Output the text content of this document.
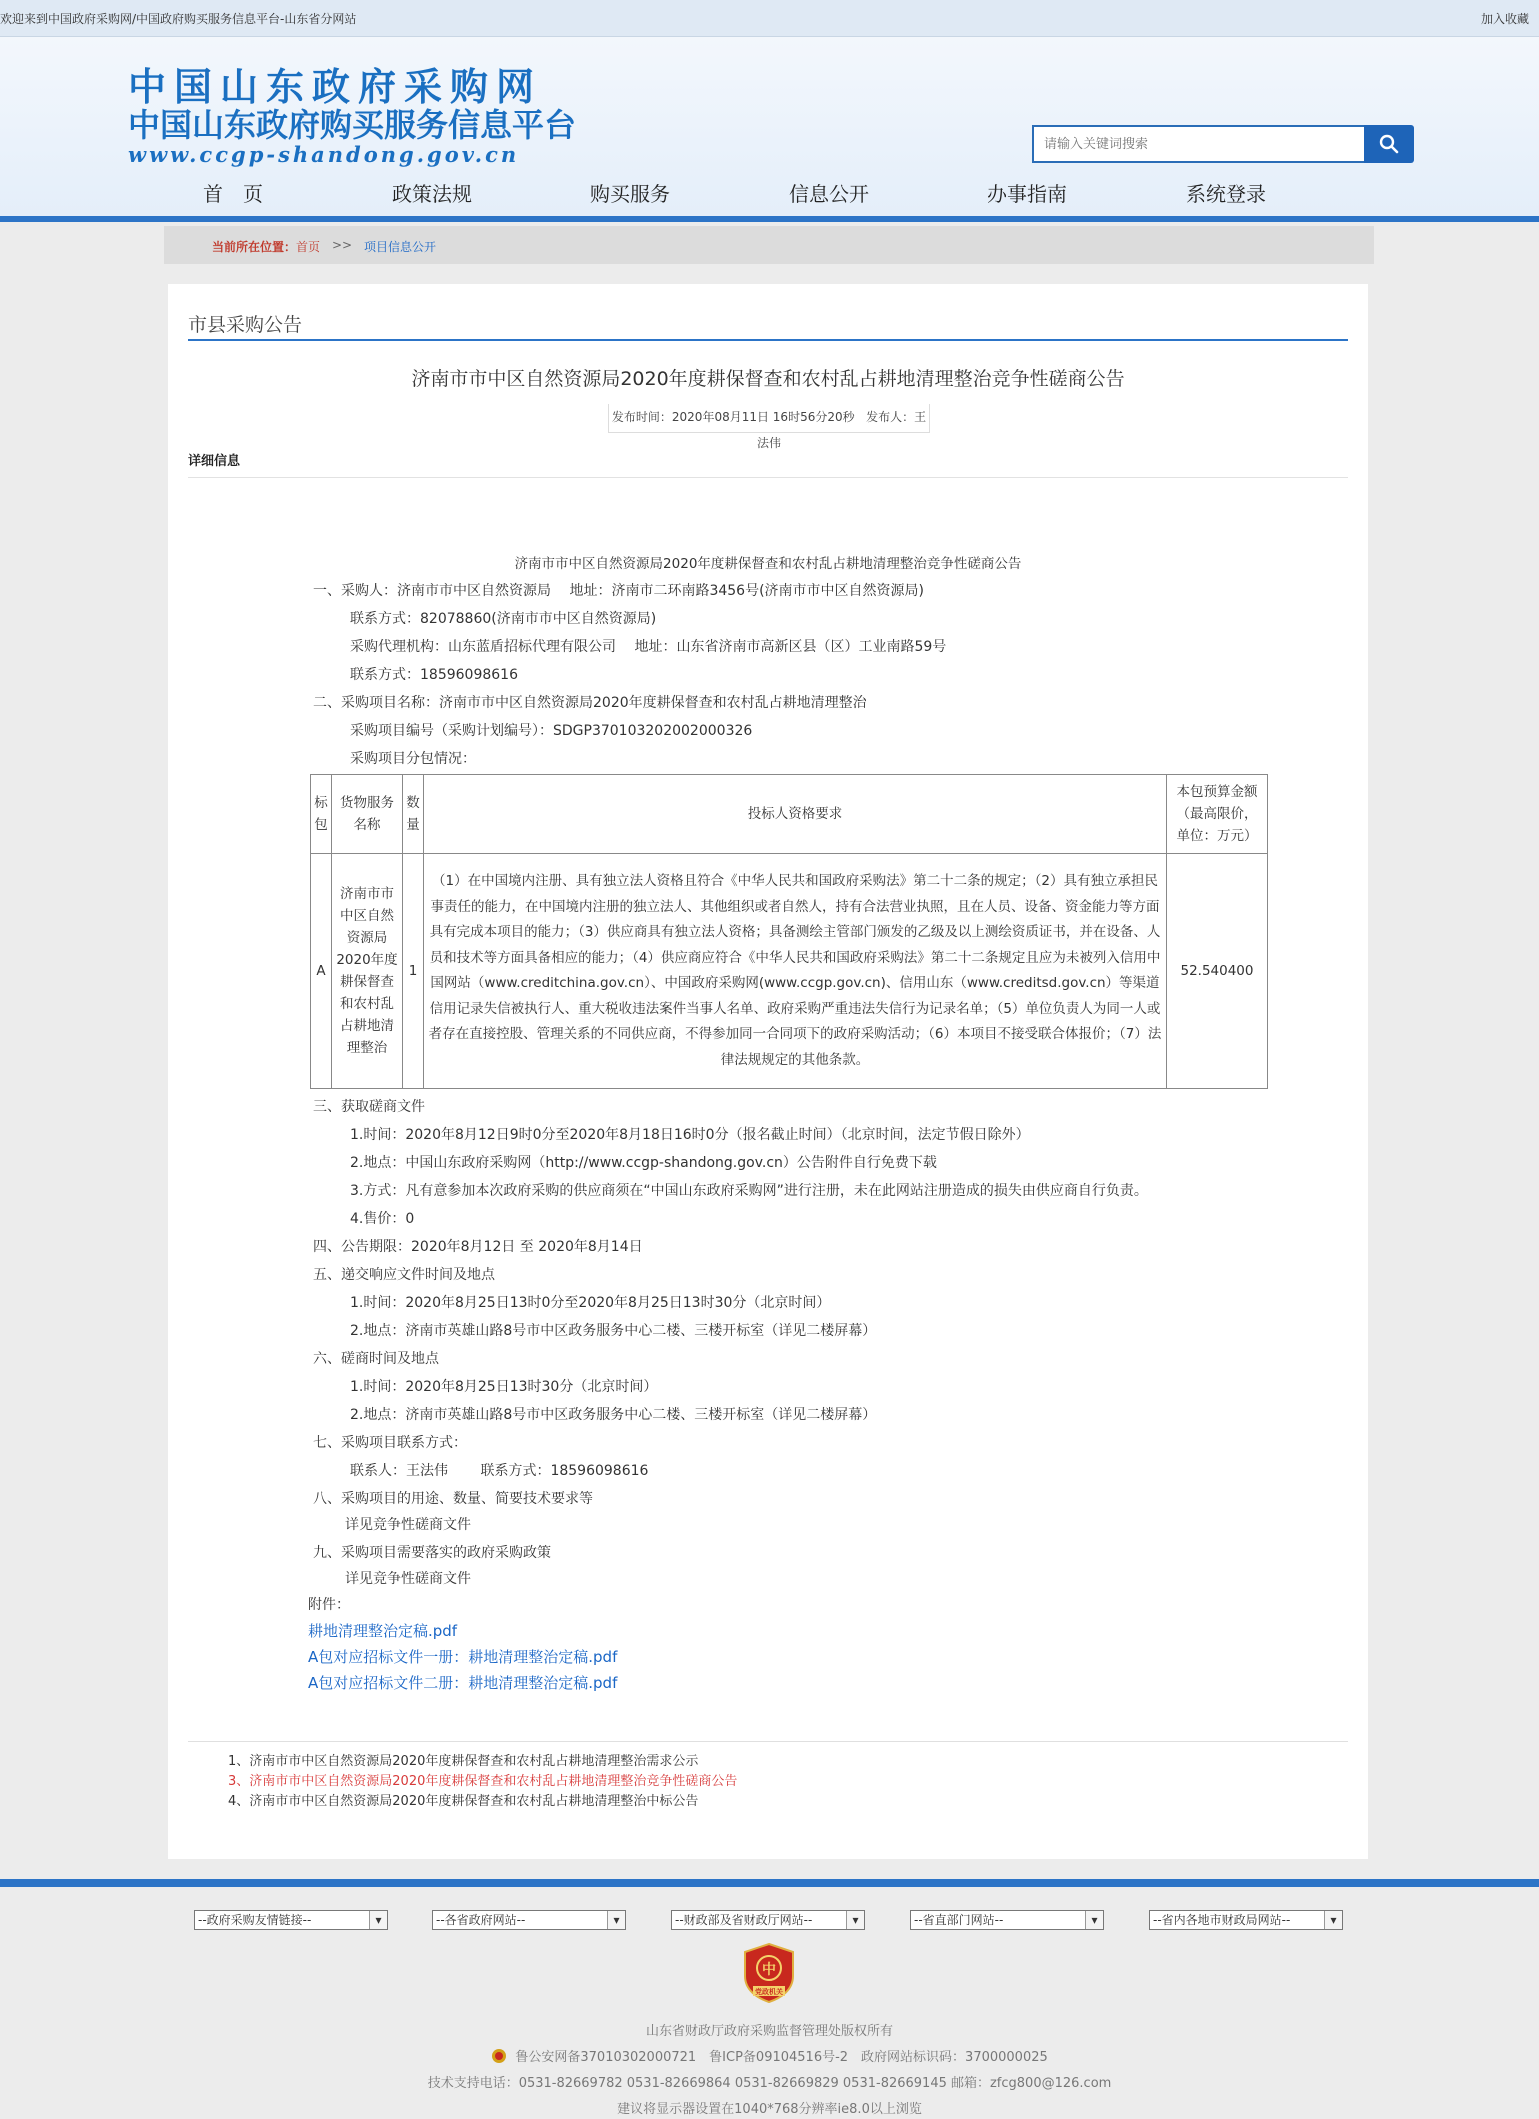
欢迎来到中国政府采购网/中国政府购买服务信息平台-山东省分网站	加入收藏
中国山东政府采购网
中国山东政府购买服务信息平台
www.ccgp-shandong.gov.cn
请输入关键词搜索
首　页	政策法规	购买服务	信息公开	办事指南	系统登录
当前所在位置： 首页 >> 项目信息公开
市县采购公告
济南市市中区自然资源局2020年度耕保督查和农村乱占耕地清理整治竞争性磋商公告
发布时间：2020年08月11日 16时56分20秒 发布人：王法伟
详细信息
济南市市中区自然资源局2020年度耕保督查和农村乱占耕地清理整治竞争性磋商公告
一、采购人：济南市市中区自然资源局　 地址：济南市二环南路3456号(济南市市中区自然资源局)
联系方式：82078860(济南市市中区自然资源局)
采购代理机构：山东蓝盾招标代理有限公司　 地址：山东省济南市高新区县（区）工业南路59号
联系方式：18596098616
二、采购项目名称：济南市市中区自然资源局2020年度耕保督查和农村乱占耕地清理整治
采购项目编号（采购计划编号）：SDGP370103202002000326
采购项目分包情况：
标包	货物服务名称	数量	投标人资格要求	本包预算金额（最高限价，单位：万元）
A	济南市市中区自然资源局2020年度耕保督查和农村乱占耕地清理整治	1	（1）在中国境内注册、具有独立法人资格且符合《中华人民共和国政府采购法》第二十二条的规定；（2）具有独立承担民事责任的能力，在中国境内注册的独立法人、其他组织或者自然人，持有合法营业执照，且在人员、设备、资金能力等方面具有完成本项目的能力；（3）供应商具有独立法人资格；具备测绘主管部门颁发的乙级及以上测绘资质证书，并在设备、人员和技术等方面具备相应的能力；（4）供应商应符合《中华人民共和国政府采购法》第二十二条规定且应为未被列入信用中国网站（www.creditchina.gov.cn）、中国政府采购网(www.ccgp.gov.cn)、信用山东（www.creditsd.gov.cn）等渠道信用记录失信被执行人、重大税收违法案件当事人名单、政府采购严重违法失信行为记录名单；（5）单位负责人为同一人或者存在直接控股、管理关系的不同供应商，不得参加同一合同项下的政府采购活动；（6）本项目不接受联合体报价；（7）法律法规规定的其他条款。	52.540400
三、获取磋商文件
1.时间：2020年8月12日9时0分至2020年8月18日16时0分（报名截止时间）（北京时间，法定节假日除外）
2.地点：中国山东政府采购网（http://www.ccgp-shandong.gov.cn）公告附件自行免费下载
3.方式：凡有意参加本次政府采购的供应商须在“中国山东政府采购网”进行注册，未在此网站注册造成的损失由供应商自行负责。
4.售价：0
四、公告期限：2020年8月12日 至 2020年8月14日
五、递交响应文件时间及地点
1.时间：2020年8月25日13时0分至2020年8月25日13时30分（北京时间）
2.地点：济南市英雄山路8号市中区政务服务中心二楼、三楼开标室（详见二楼屏幕）
六、磋商时间及地点
1.时间：2020年8月25日13时30分（北京时间）
2.地点：济南市英雄山路8号市中区政务服务中心二楼、三楼开标室（详见二楼屏幕）
七、采购项目联系方式：
联系人：王法伟　　 联系方式：18596098616
八、采购项目的用途、数量、简要技术要求等
详见竞争性磋商文件
九、采购项目需要落实的政府采购政策
详见竞争性磋商文件
附件：
耕地清理整治定稿.pdf
A包对应招标文件一册：耕地清理整治定稿.pdf
A包对应招标文件二册：耕地清理整治定稿.pdf
1、济南市市中区自然资源局2020年度耕保督查和农村乱占耕地清理整治需求公示
3、济南市市中区自然资源局2020年度耕保督查和农村乱占耕地清理整治竞争性磋商公告
4、济南市市中区自然资源局2020年度耕保督查和农村乱占耕地清理整治中标公告
--政府采购友情链接--	▾	--各省政府网站--	▾	--财政部及省财政厅网站--	▾	--省直部门网站--	▾	--省内各地市财政局网站--	▾
中
党政机关
山东省财政厅政府采购监督管理处版权所有
鲁公安网备37010302000721　鲁ICP备09104516号-2　政府网站标识码：3700000025
技术支持电话：0531-82669782 0531-82669864 0531-82669829 0531-82669145 邮箱：zfcg800@126.com
建议将显示器设置在1040*768分辨率ie8.0以上浏览
